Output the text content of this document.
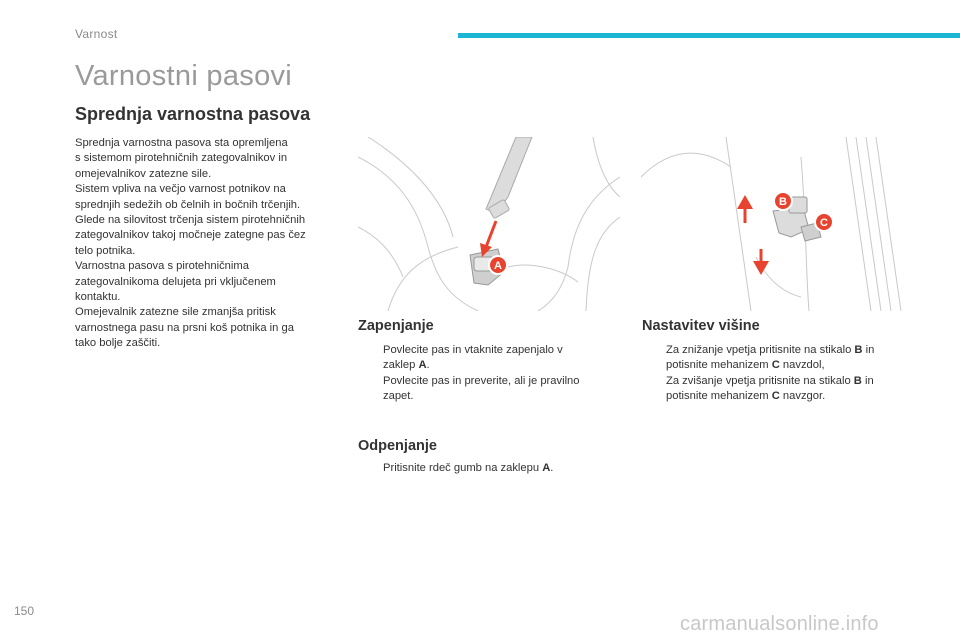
Varnost
Varnostni pasovi
Sprednja varnostna pasova

Sprednja varnostna pasova sta opremljena
s sistemom pirotehničnih zategovalnikov in
omejevalnikov zatezne sile.

Sistem vpliva na večjo varnost potnikov na
sprednjih sedežih ob čelnih in bočnih trčenjih.
Glede na silovitost trčenja sistem pirotehničnih
zategovalnikov takoj močneje zategne pas čez
telo potnika.

Varnostna pasova s pirotehničnima
zategovalnikoma delujeta pri vključenem
kontaktu.

Omejevalnik zatezne sile zmanjša pritisk
varnostnega pasu na prsni koš potnika in ga
tako bolje zaščiti.

A
B
C
Zapenjanje
Povlecite pas in vtaknite zapenjalo v
zaklep A.
Povlecite pas in preverite, ali je pravilno
zapet.
Odpenjanje
Pritisnite rdeč gumb na zaklepu A.
Nastavitev višine
Za znižanje vpetja pritisnite na stikalo B in
potisnite mehanizem C navzdol,
Za zvišanje vpetja pritisnite na stikalo B in
potisnite mehanizem C navzgor.
150
carmanualsonline.info
